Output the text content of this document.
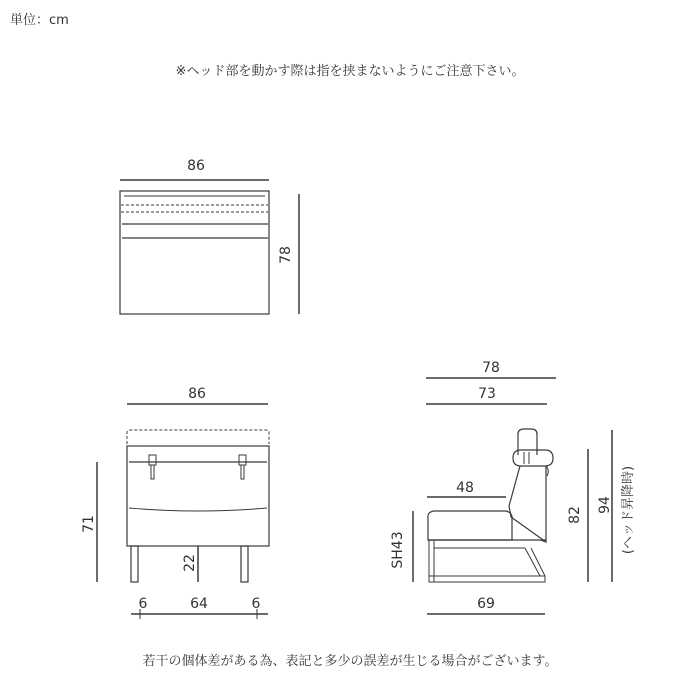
単位：cm
※ヘッド部を動かす際は指を挟まないようにご注意下さい。
86
78
86
71
22
6	64	6
78
73
48
SH43
82
94 (ヘッド昇降時)
69
若干の個体差がある為、表記と多少の誤差が生じる場合がございます。
